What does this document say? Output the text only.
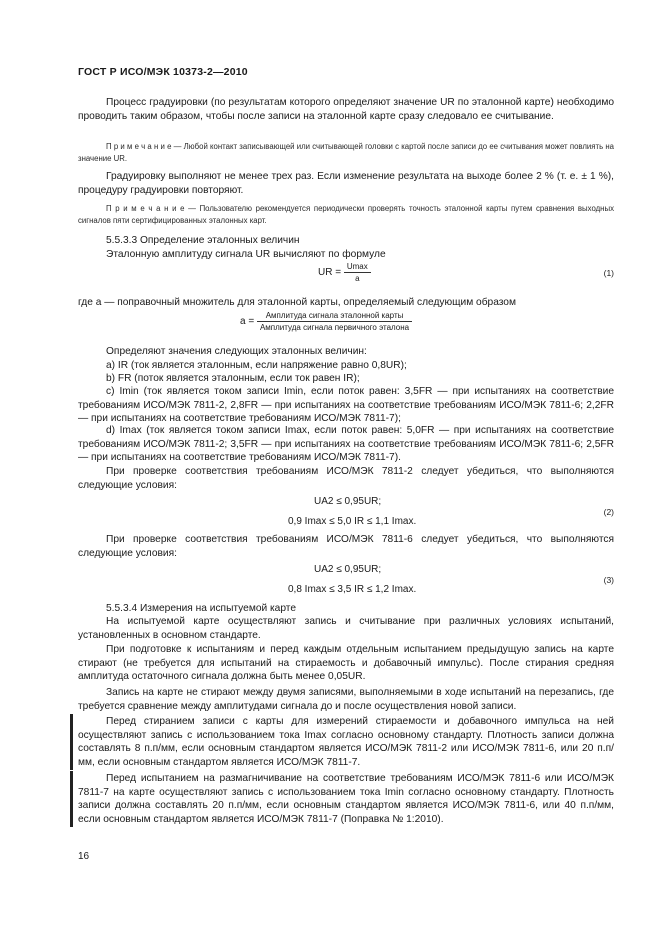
ГОСТ Р ИСО/МЭК 10373-2—2010
Процесс градуировки (по результатам которого определяют значение UR по эталонной карте) необходимо проводить таким образом, чтобы после записи на эталонной карте сразу следовало ее считывание.
П р и м е ч а н и е — Любой контакт записывающей или считывающей головки с картой после записи до ее считывания может повлиять на значение UR.
Градуировку выполняют не менее трех раз. Если изменение результата на выходе более 2 % (т. е. ± 1 %), процедуру градуировки повторяют.
П р и м е ч а н и е — Пользователю рекомендуется периодически проверять точность эталонной карты путем сравнения выходных сигналов пяти сертифицированных эталонных карт.
5.5.3.3 Определение эталонных величин
Эталонную амплитуду сигнала UR вычисляют по формуле
UR = $\frac{Umax}{a}$	(1)
где a — поправочный множитель для эталонной карты, определяемый следующим образом
$a = \frac{\text{Амплитуда сигнала эталонной карты}}{\text{Амплитуда сигнала первичного эталона}}$
Определяют значения следующих эталонных величин:
а) IR (ток является эталонным, если напряжение равно 0,8UR);
b) FR (поток является эталонным, если ток равен IR);
с) Imin (ток является током записи Imin, если поток равен: 3,5FR — при испытаниях на соответствие требованиям ИСО/МЭК 7811-2, 2,8FR — при испытаниях на соответствие требованиям ИСО/МЭК 7811-6; 2,2FR — при испытаниях на соответствие требованиям ИСО/МЭК 7811-7);
d) Imax (ток является током записи Imax, если поток равен: 5,0FR — при испытаниях на соответствие требованиям ИСО/МЭК 7811-2; 3,5FR — при испытаниях на соответствие требованиям ИСО/МЭК 7811-6; 2,5FR — при испытаниях на соответствие требованиям ИСО/МЭК 7811-7).
При проверке соответствия требованиям ИСО/МЭК 7811-2 следует убедиться, что выполняются следующие условия:
UA2 ≤ 0,95UR;
0,9 Imax ≤ 5,0 IR ≤ 1,1 Imax.
(2)
При проверке соответствия требованиям ИСО/МЭК 7811-6 следует убедиться, что выполняются следующие условия:
UA2 ≤ 0,95UR;
0,8 Imax ≤ 3,5 IR ≤ 1,2 Imax.
(3)
5.5.3.4 Измерения на испытуемой карте
На испытуемой карте осуществляют запись и считывание при различных условиях испытаний, установленных в основном стандарте.
При подготовке к испытаниям и перед каждым отдельным испытанием предыдущую запись на карте стирают (не требуется для испытаний на стираемость и добавочный импульс). После стирания средняя амплитуда остаточного сигнала должна быть менее 0,05UR.
Запись на карте не стирают между двумя записями, выполняемыми в ходе испытаний на перезапись, где требуется сравнение между амплитудами сигнала до и после осуществления новой записи.
Перед стиранием записи с карты для измерений стираемости и добавочного импульса на ней осуществляют запись с использованием тока Imax согласно основному стандарту. Плотность записи должна составлять 8 п.п/мм, если основным стандартом является ИСО/МЭК 7811-2 или ИСО/МЭК 7811-6, или 20 п.п/мм, если основным стандартом является ИСО/МЭК 7811-7.
Перед испытанием на размагничивание на соответствие требованиям ИСО/МЭК 7811-6 или ИСО/МЭК 7811-7 на карте осуществляют запись с использованием тока Imin согласно основному стандарту. Плотность записи должна составлять 20 п.п/мм, если основным стандартом является ИСО/МЭК 7811-6, или 40 п.п/мм, если основным стандартом является ИСО/МЭК 7811-7 (Поправка № 1:2010).
16
